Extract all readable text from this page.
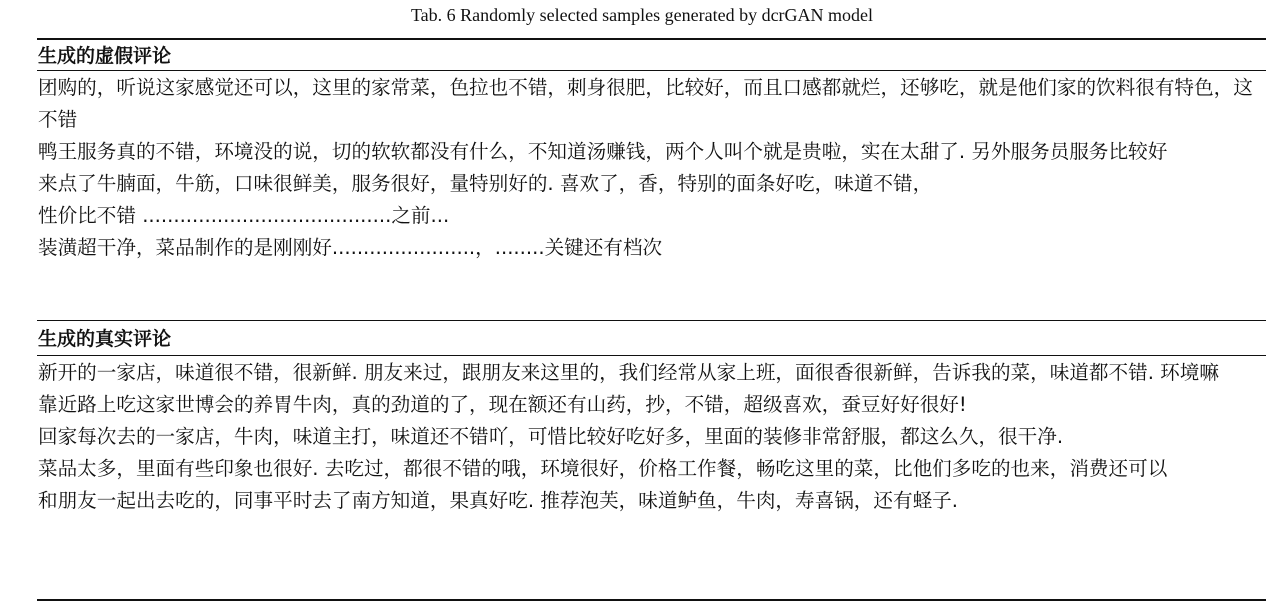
Tab. 6 Randomly selected samples generated by dcrGAN model
生成的虚假评论
团购的，听说这家感觉还可以，这里的家常菜，色拉也不错，刺身很肥，比较好，而且口感都就烂，还够吃，就是他们家的饮料很有特色，这不错
鸭王服务真的不错，环境没的说，切的软软都没有什么，不知道汤赚钱，两个人叫个就是贵啦，实在太甜了. 另外服务员服务比较好
来点了牛腩面，牛筋，口味很鲜美，服务很好，量特别好的. 喜欢了，香，特别的面条好吃，味道不错，
性价比不错 ........................................之前...
装潢超干净，菜品制作的是刚刚好.......................，........关键还有档次
生成的真实评论
新开的一家店，味道很不错，很新鲜. 朋友来过，跟朋友来这里的，我们经常从家上班，面很香很新鲜，告诉我的菜，味道都不错. 环境嘛
靠近路上吃这家世博会的养胃牛肉，真的劲道的了，现在额还有山药，抄，不错，超级喜欢，蚕豆好好很好!
回家每次去的一家店，牛肉，味道主打，味道还不错吖，可惜比较好吃好多，里面的装修非常舒服，都这么久，很干净.
菜品太多，里面有些印象也很好. 去吃过，都很不错的哦，环境很好，价格工作餐，畅吃这里的菜，比他们多吃的也来，消费还可以
和朋友一起出去吃的，同事平时去了南方知道，果真好吃. 推荐泡芙，味道鲈鱼，牛肉，寿喜锅，还有蛏子.
